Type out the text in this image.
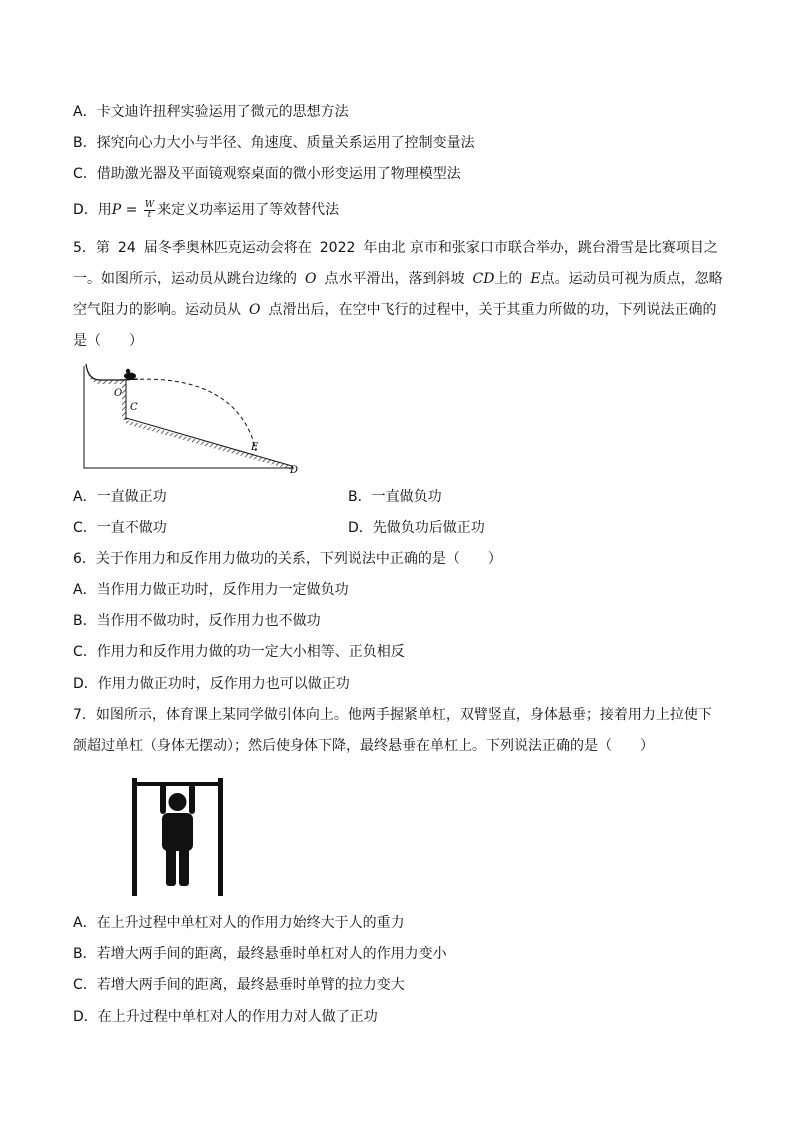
A．卡文迪许扭秤实验运用了微元的思想方法
B．探究向心力大小与半径、角速度、质量关系运用了控制变量法
C．借助激光器及平面镜观察桌面的微小形变运用了物理模型法
D．用$P = \frac{W}{t}$ 来定义功率运用了等效替代法
5．第 24 届冬季奥林匹克运动会将在 2022 年由北 京市和张家口市联合举办，跳台滑雪是比赛项目之
一。如图所示，运动员从跳台边缘的 O 点水平滑出，落到斜坡 CD上的 E点。运动员可视为质点，忽略
空气阻力的影响。运动员从 O 点滑出后，在空中飞行的过程中，关于其重力所做的功，下列说法正确的
是（　　）
O
C
E
D
A．一直做正功	B．一直做负功
C．一直不做功	D．先做负功后做正功
6．关于作用力和反作用力做功的关系，下列说法中正确的是（　　）
A．当作用力做正功时，反作用力一定做负功
B．当作用不做功时，反作用力也不做功
C．作用力和反作用力做的功一定大小相等、正负相反
D．作用力做正功时，反作用力也可以做正功
7．如图所示，体育课上某同学做引体向上。他两手握紧单杠，双臂竖直，身体悬垂；接着用力上拉使下
颌超过单杠（身体无摆动）；然后使身体下降，最终悬垂在单杠上。下列说法正确的是（　　）
A．在上升过程中单杠对人的作用力始终大于人的重力
B．若增大两手间的距离，最终悬垂时单杠对人的作用力变小
C．若增大两手间的距离，最终悬垂时单臂的拉力变大
D．在上升过程中单杠对人的作用力对人做了正功
